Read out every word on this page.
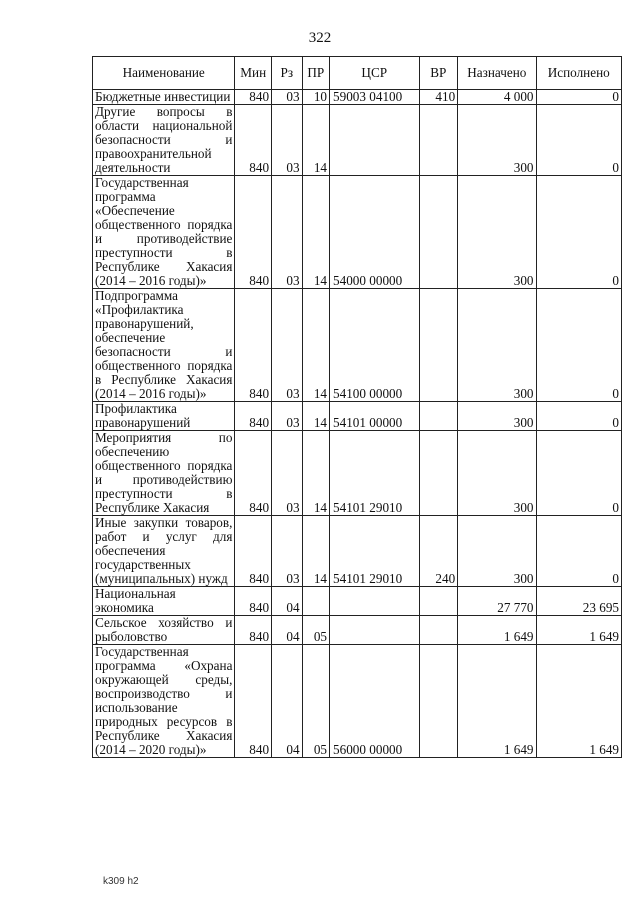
322
Наименование	Мин	Рз	ПР	ЦСР	ВР	Назначено	Исполнено
Бюджетные инвестиции	840	03	10	59003 04100	410	4 000	0
Другие вопросы в области национальной безопасности и правоохранительной деятельности	840	03	14			300	0
Государственная программа «Обеспечение общественного порядка и противодействие преступности в Республике Хакасия (2014 – 2016 годы)»	840	03	14	54000 00000		300	0
Подпрограмма «Профилактика правонарушений, обеспечение безопасности и общественного порядка в Республике Хакасия (2014 – 2016 годы)»	840	03	14	54100 00000		300	0
Профилактика правонарушений	840	03	14	54101 00000		300	0
Мероприятия по обеспечению общественного порядка и противодействию преступности в Республике Хакасия	840	03	14	54101 29010		300	0
Иные закупки товаров, работ и услуг для обеспечения государственных (муниципальных) нужд	840	03	14	54101 29010	240	300	0
Национальная экономика	840	04				27 770	23 695
Сельское хозяйство и рыболовство	840	04	05			1 649	1 649
Государственная программа «Охрана окружающей среды, воспроизводство и использование природных ресурсов в Республике Хакасия (2014 – 2020 годы)»	840	04	05	56000 00000		1 649	1 649
k309 h2
